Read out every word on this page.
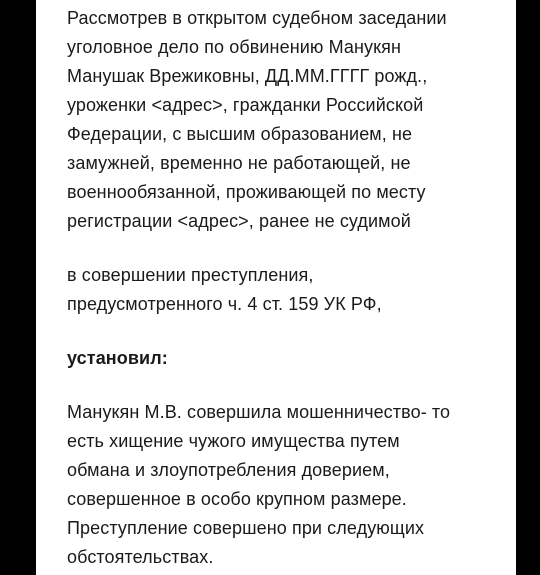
Рассмотрев в открытом судебном заседании
уголовное дело по обвинению Манукян
Манушак Врежиковны, ДД.ММ.ГГГГ рожд.,
уроженки <адрес>, гражданки Российской
Федерации, с высшим образованием, не
замужней, временно не работающей, не
военнообязанной, проживающей по месту
регистрации <адрес>, ранее не судимой
в совершении преступления,
предусмотренного ч. 4 ст. 159 УК РФ,
установил:
Манукян М.В. совершила мошенничество- то
есть хищение чужого имущества путем
обмана и злоупотребления доверием,
совершенное в особо крупном размере.
Преступление совершено при следующих
обстоятельствах.
